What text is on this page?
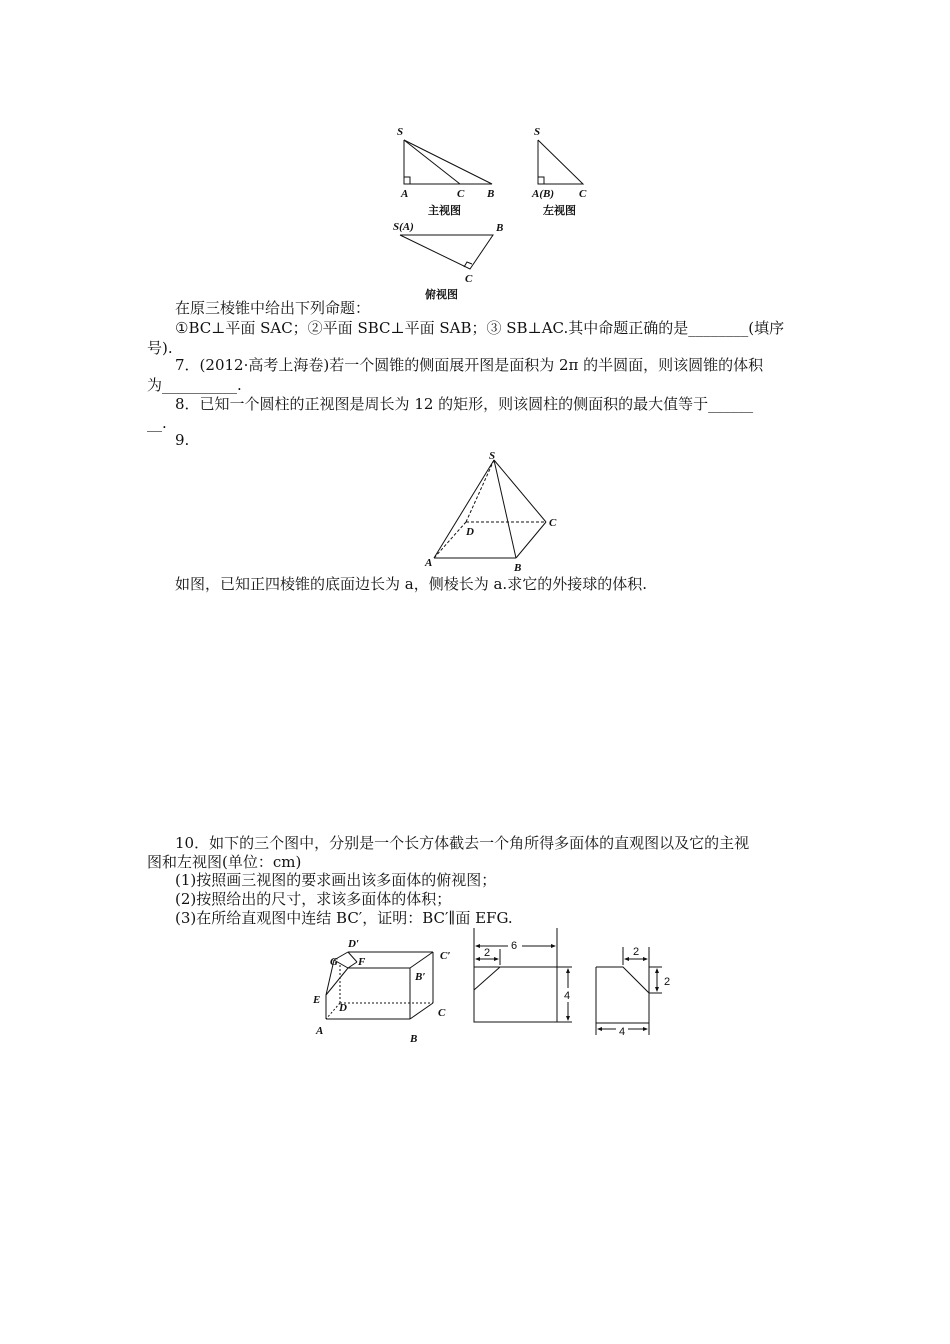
S
A	C B
主视图
S
A(B) C
左视图
S(A)	B
C
俯视图
在原三棱锥中给出下列命题：
①BC⊥平面 SAC；②平面 SBC⊥平面 SAB；③ SB⊥AC.其中命题正确的是________(填序
号).
7．(2012·高考上海卷)若一个圆锥的侧面展开图是面积为 2π 的半圆面，则该圆锥的体积
为__________.
8．已知一个圆柱的正视图是周长为 12 的矩形，则该圆柱的侧面积的最大值等于______
__.
9.
S
D
C
A	B
如图，已知正四棱锥的底面边长为 a，侧棱长为 a.求它的外接球的体积.
10．如下的三个图中，分别是一个长方体截去一个角所得多面体的直观图以及它的主视
图和左视图(单位：cm)
(1)按照画三视图的要求画出该多面体的俯视图；
(2)按照给出的尺寸，求该多面体的体积；
(3)在所给直观图中连结 BC′，证明：BC′∥面 EFG.
D′
C′
G F
B′
E
D	C
A
B
6
2
4
2
2
4
